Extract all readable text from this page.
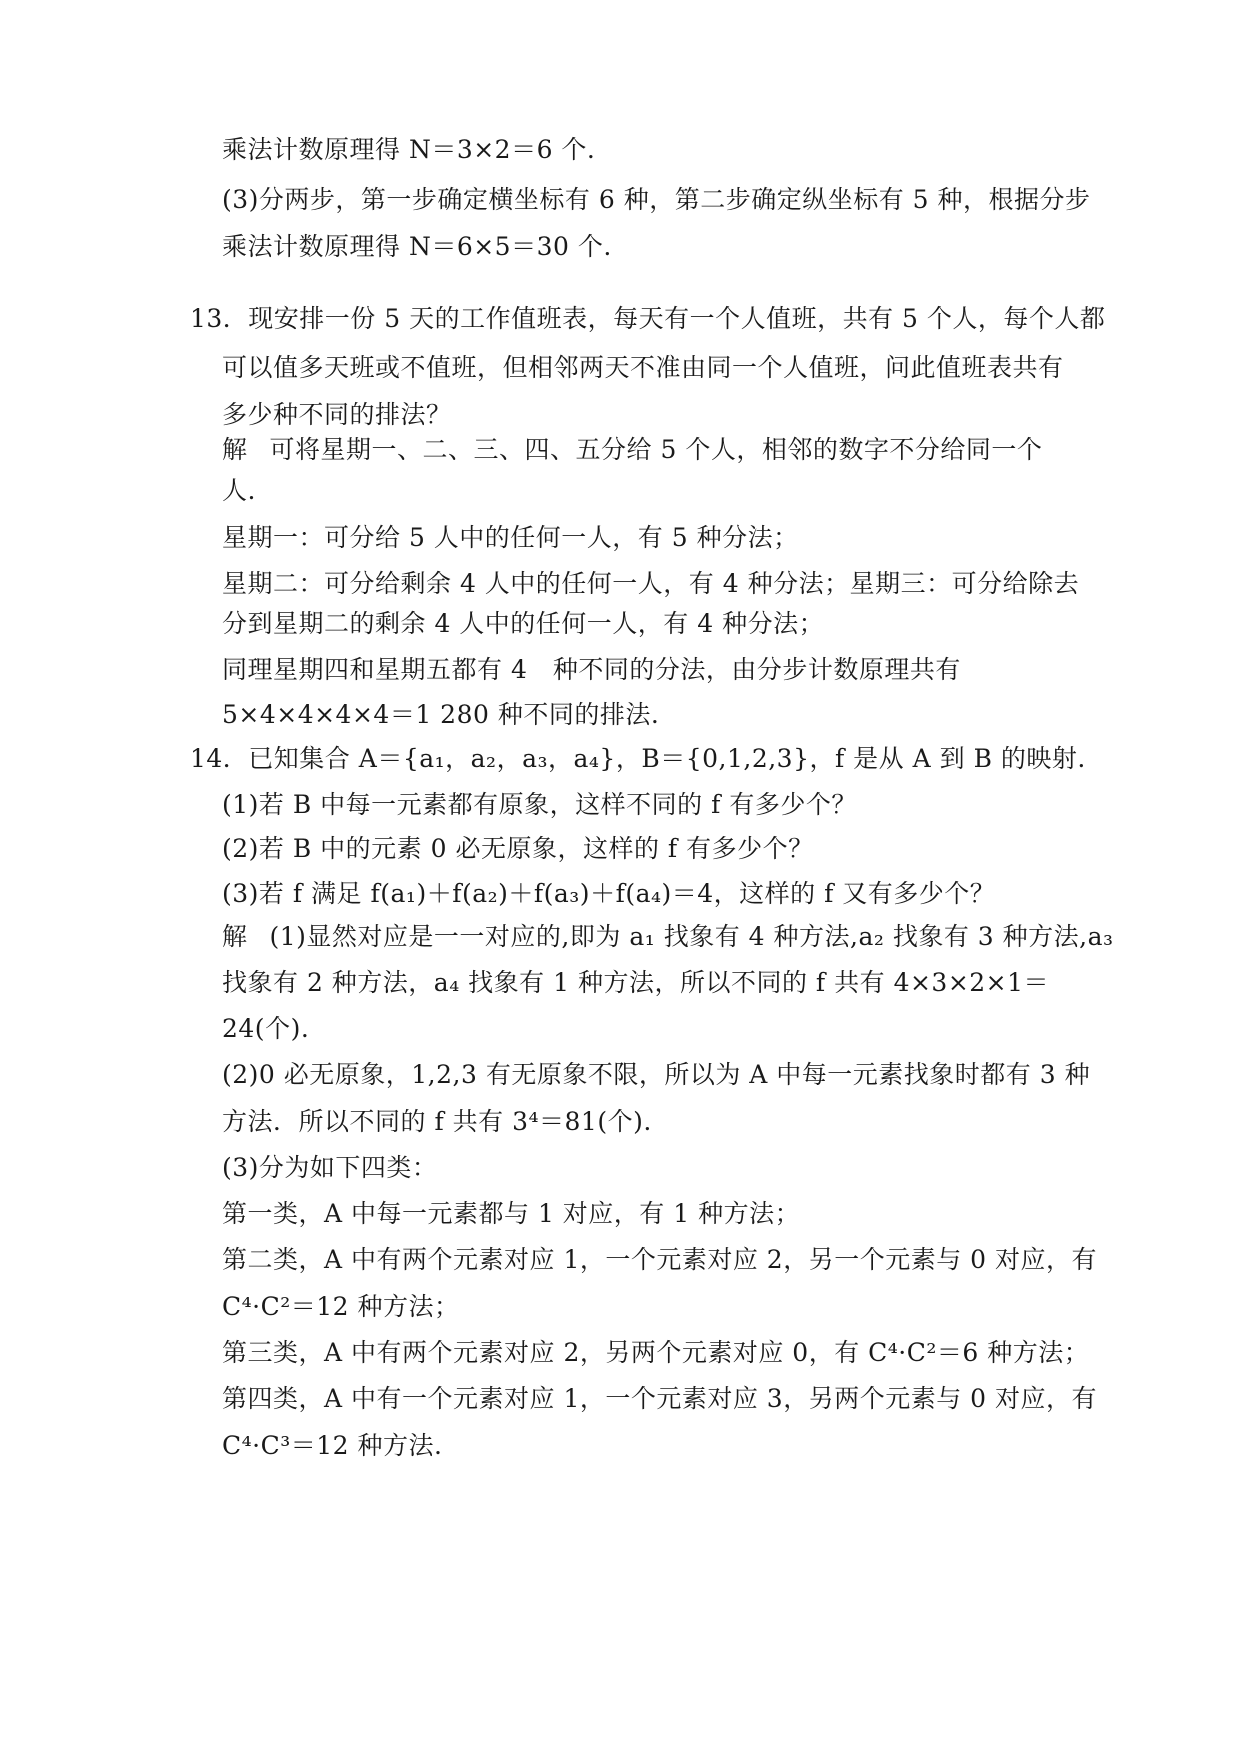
乘法计数原理得 N＝3×2＝6 个.
(3)分两步，第一步确定横坐标有 6 种，第二步确定纵坐标有 5 种，根据分步
乘法计数原理得 N＝6×5＝30 个.
13．现安排一份 5 天的工作值班表，每天有一个人值班，共有 5 个人，每个人都
可以值多天班或不值班，但相邻两天不准由同一个人值班，问此值班表共有
多少种不同的排法？
解 可将星期一、二、三、四、五分给 5 个人，相邻的数字不分给同一个
人.
星期一：可分给 5 人中的任何一人，有 5 种分法；
星期二：可分给剩余 4 人中的任何一人，有 4 种分法；星期三：可分给除去
分到星期二的剩余 4 人中的任何一人，有 4 种分法；
同理星期四和星期五都有 4　种不同的分法，由分步计数原理共有
5×4×4×4×4＝1 280 种不同的排法.
14．已知集合 A＝{a₁，a₂，a₃，a₄}，B＝{0,1,2,3}，f 是从 A 到 B 的映射.
(1)若 B 中每一元素都有原象，这样不同的 f 有多少个？
(2)若 B 中的元素 0 必无原象，这样的 f 有多少个？
(3)若 f 满足 f(a₁)＋f(a₂)＋f(a₃)＋f(a₄)＝4，这样的 f 又有多少个？
解 (1)显然对应是一一对应的,即为 a₁ 找象有 4 种方法,a₂ 找象有 3 种方法,a₃
找象有 2 种方法，a₄ 找象有 1 种方法，所以不同的 f 共有 4×3×2×1＝
24(个).
(2)0 必无原象，1,2,3 有无原象不限，所以为 A 中每一元素找象时都有 3 种
方法．所以不同的 f 共有 3⁴＝81(个).
(3)分为如下四类：
第一类，A 中每一元素都与 1 对应，有 1 种方法；
第二类，A 中有两个元素对应 1，一个元素对应 2，另一个元素与 0 对应，有
C⁴·C²＝12 种方法；
第三类，A 中有两个元素对应 2，另两个元素对应 0，有 C⁴·C²＝6 种方法；
第四类，A 中有一个元素对应 1，一个元素对应 3，另两个元素与 0 对应，有
C⁴·C³＝12 种方法.
